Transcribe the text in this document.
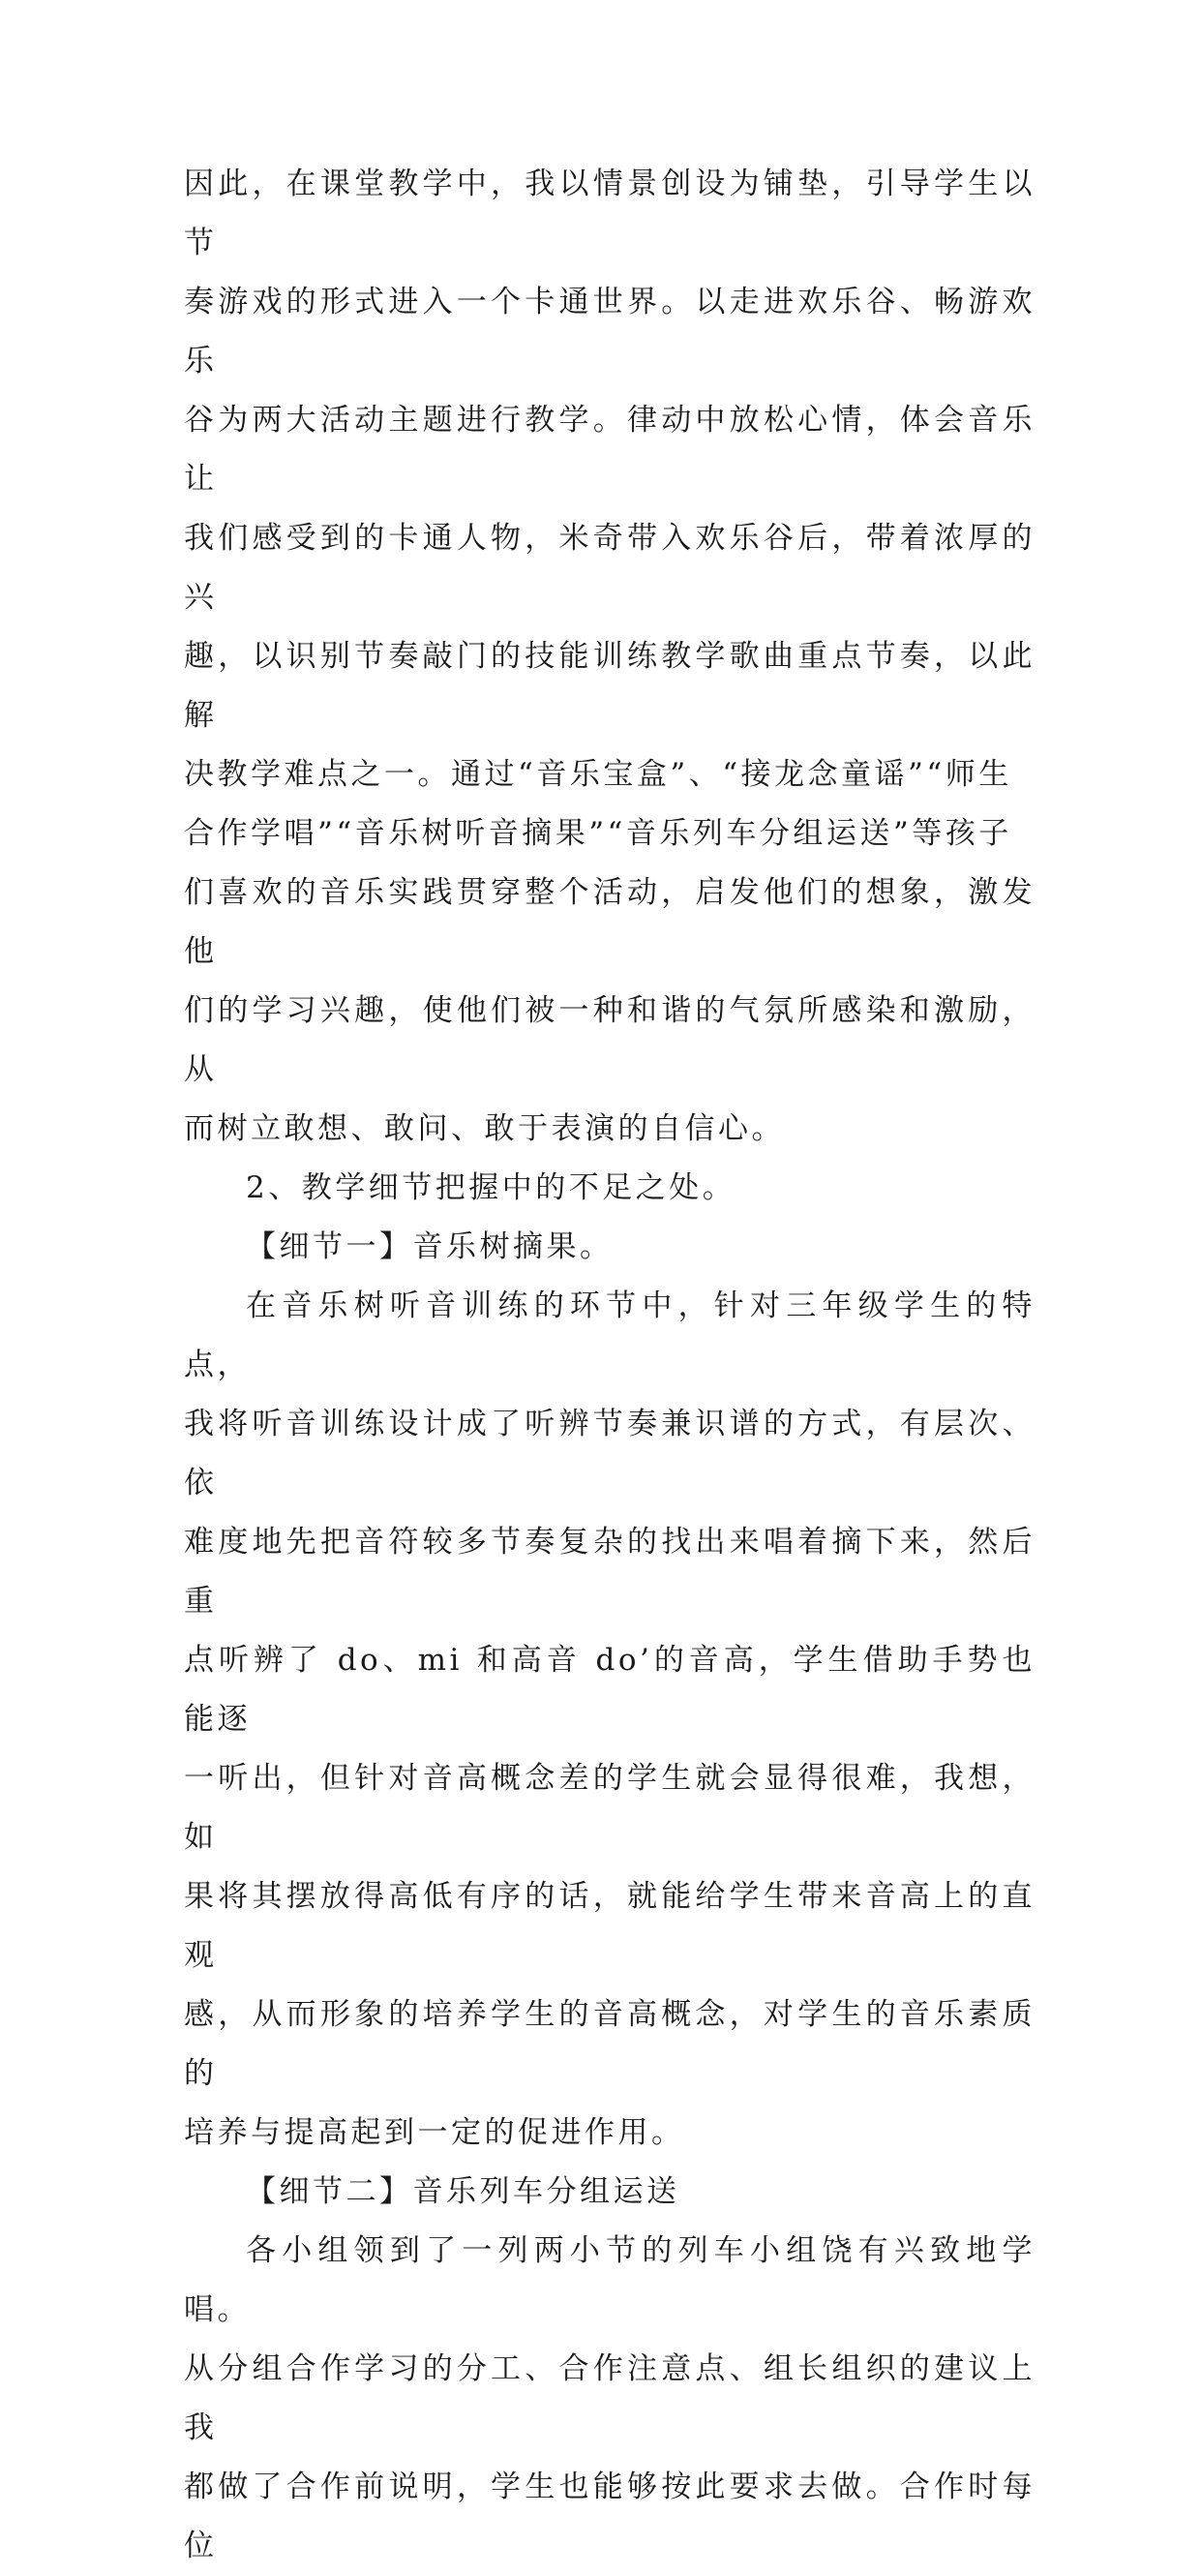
因此，在课堂教学中，我以情景创设为铺垫，引导学生以节
奏游戏的形式进入一个卡通世界。以走进欢乐谷、畅游欢乐
谷为两大活动主题进行教学。律动中放松心情，体会音乐让
我们感受到的卡通人物，米奇带入欢乐谷后，带着浓厚的兴
趣，以识别节奏敲门的技能训练教学歌曲重点节奏，以此解
决教学难点之一。通过“音乐宝盒”、“接龙念童谣”“师生
合作学唱”“音乐树听音摘果”“音乐列车分组运送”等孩子
们喜欢的音乐实践贯穿整个活动，启发他们的想象，激发他
们的学习兴趣，使他们被一种和谐的气氛所感染和激励，从
而树立敢想、敢问、敢于表演的自信心。
2、教学细节把握中的不足之处。
【细节一】音乐树摘果。
在音乐树听音训练的环节中，针对三年级学生的特点，
我将听音训练设计成了听辨节奏兼识谱的方式，有层次、依
难度地先把音符较多节奏复杂的找出来唱着摘下来，然后重
点听辨了 do、mi 和高音 do’的音高，学生借助手势也能逐
一听出，但针对音高概念差的学生就会显得很难，我想，如
果将其摆放得高低有序的话，就能给学生带来音高上的直观
感，从而形象的培养学生的音高概念，对学生的音乐素质的
培养与提高起到一定的促进作用。
【细节二】音乐列车分组运送
各小组领到了一列两小节的列车小组饶有兴致地学唱。
从分组合作学习的分工、合作注意点、组长组织的建议上我
都做了合作前说明，学生也能够按此要求去做。合作时每位
